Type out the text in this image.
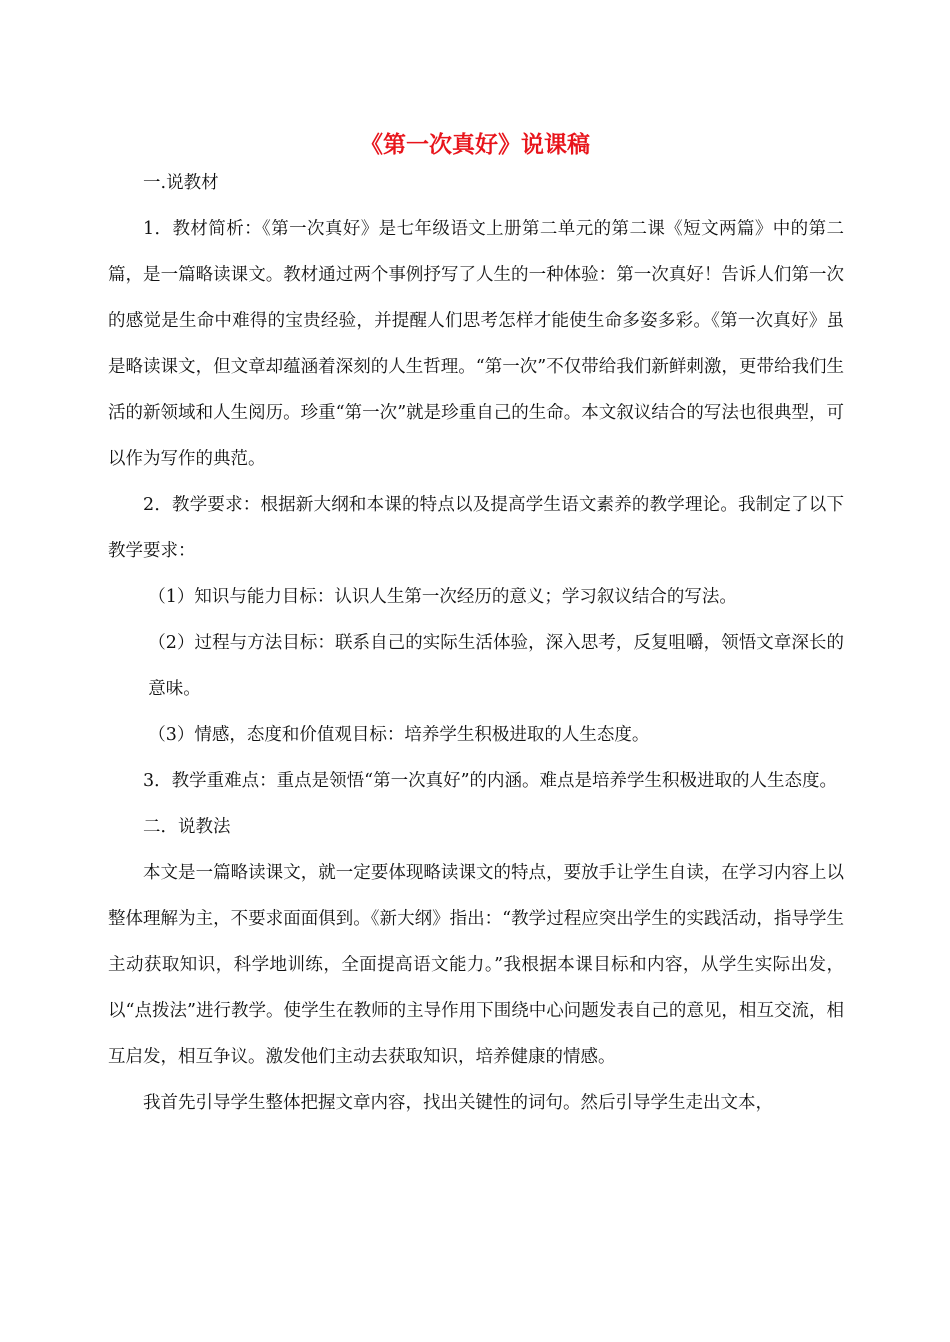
《第一次真好》说课稿

一.说教材

1．教材简析：《第一次真好》是七年级语文上册第二单元的第二课《短文两篇》中的第二篇，是一篇略读课文。教材通过两个事例抒写了人生的一种体验：第一次真好！告诉人们第一次的感觉是生命中难得的宝贵经验，并提醒人们思考怎样才能使生命多姿多彩。《第一次真好》虽是略读课文，但文章却蕴涵着深刻的人生哲理。“第一次”不仅带给我们新鲜刺激，更带给我们生活的新领域和人生阅历。珍重“第一次”就是珍重自己的生命。本文叙议结合的写法也很典型，可以作为写作的典范。

2．教学要求：根据新大纲和本课的特点以及提高学生语文素养的教学理论。我制定了以下教学要求：

（1）知识与能力目标：认识人生第一次经历的意义；学习叙议结合的写法。

（2）过程与方法目标：联系自己的实际生活体验，深入思考，反复咀嚼，领悟文章深长的意味。

（3）情感，态度和价值观目标：培养学生积极进取的人生态度。

3．教学重难点：重点是领悟“第一次真好”的内涵。难点是培养学生积极进取的人生态度。

二．说教法

本文是一篇略读课文，就一定要体现略读课文的特点，要放手让学生自读，在学习内容上以整体理解为主，不要求面面俱到。《新大纲》指出：“教学过程应突出学生的实践活动，指导学生主动获取知识，科学地训练，全面提高语文能力。”我根据本课目标和内容，从学生实际出发，以“点拨法”进行教学。使学生在教师的主导作用下围绕中心问题发表自己的意见，相互交流，相互启发，相互争议。激发他们主动去获取知识，培养健康的情感。

我首先引导学生整体把握文章内容，找出关键性的词句。然后引导学生走出文本，
